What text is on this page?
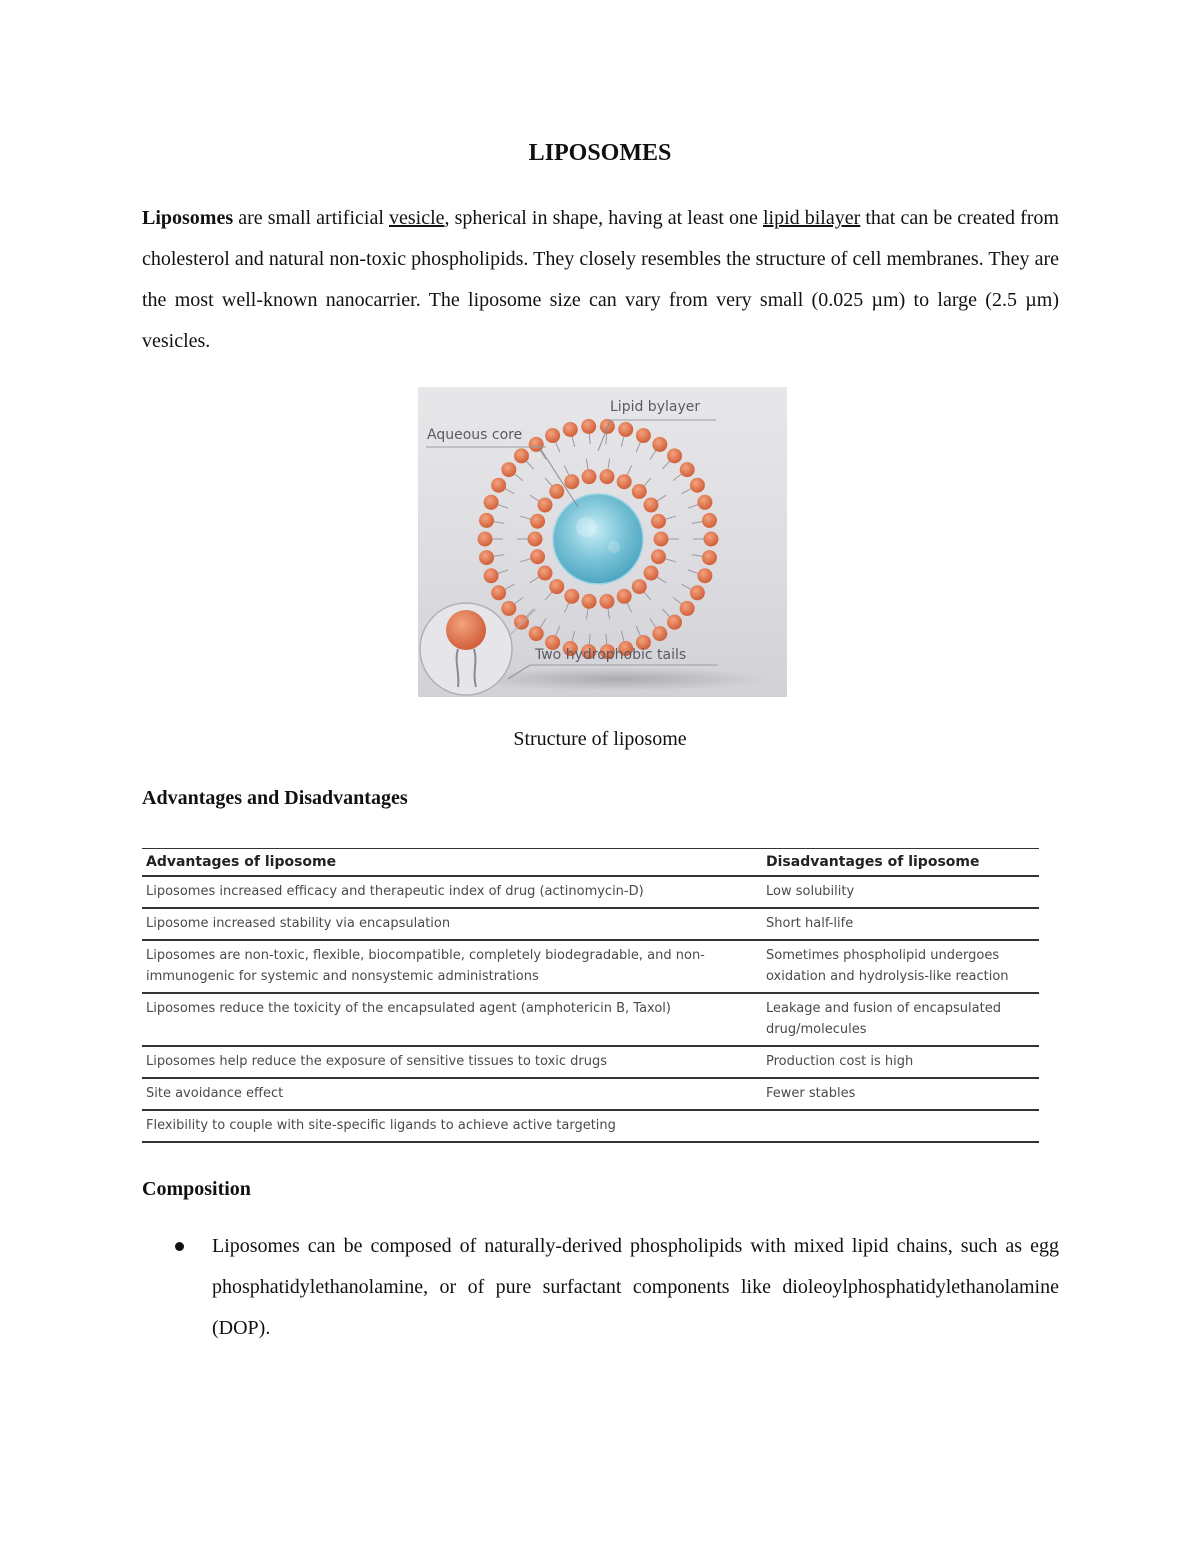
LIPOSOMES

Liposomes are small artificial vesicle, spherical in shape, having at least one lipid bilayer that can be created from cholesterol and natural non-toxic phospholipids. They closely resembles the structure of cell membranes. They are the most well-known nanocarrier. The liposome size can vary from very small (0.025 µm) to large (2.5 µm) vesicles.

Lipid bylayer
Aqueous core
Two hydrophobic tails

Structure of liposome

Advantages and Disadvantages
Advantages of liposome	Disadvantages of liposome
Liposomes increased efficacy and therapeutic index of drug (actinomycin-D)	Low solubility
Liposome increased stability via encapsulation	Short half-life
Liposomes are non-toxic, flexible, biocompatible, completely biodegradable, and non-immunogenic for systemic and nonsystemic administrations	Sometimes phospholipid undergoes oxidation and hydrolysis-like reaction
Liposomes reduce the toxicity of the encapsulated agent (amphotericin B, Taxol)	Leakage and fusion of encapsulated drug/molecules
Liposomes help reduce the exposure of sensitive tissues to toxic drugs	Production cost is high
Site avoidance effect	Fewer stables
Flexibility to couple with site-specific ligands to achieve active targeting	
Composition
Liposomes can be composed of naturally-derived phospholipids with mixed lipid chains, such as egg phosphatidylethanolamine, or of pure surfactant components like dioleoylphosphatidylethanolamine (DOP).
